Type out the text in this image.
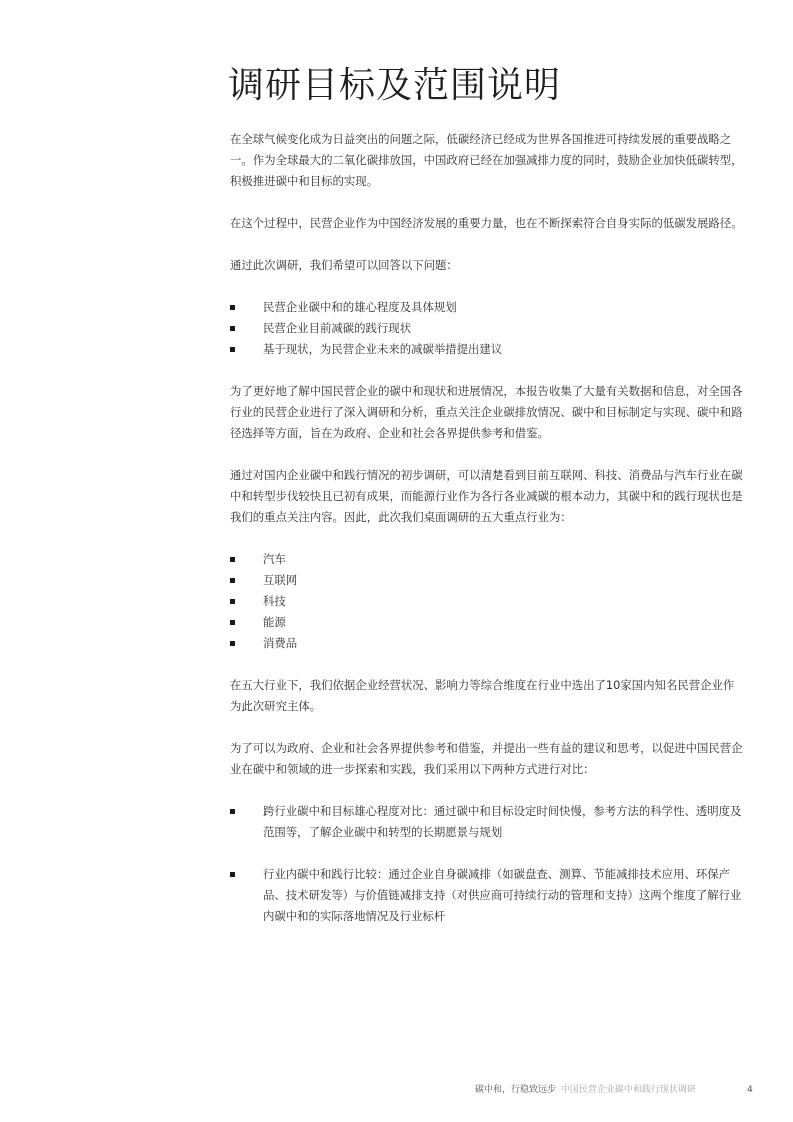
调研目标及范围说明

在全球气候变化成为日益突出的问题之际，低碳经济已经成为世界各国推进可持续发展的重要战略之一。作为全球最大的二氧化碳排放国，中国政府已经在加强减排力度的同时，鼓励企业加快低碳转型，积极推进碳中和目标的实现。

在这个过程中，民营企业作为中国经济发展的重要力量，也在不断探索符合自身实际的低碳发展路径。

通过此次调研，我们希望可以回答以下问题：

民营企业碳中和的雄心程度及具体规划
民营企业目前减碳的践行现状
基于现状，为民营企业未来的减碳举措提出建议

为了更好地了解中国民营企业的碳中和现状和进展情况，本报告收集了大量有关数据和信息，对全国各行业的民营企业进行了深入调研和分析，重点关注企业碳排放情况、碳中和目标制定与实现、碳中和路径选择等方面，旨在为政府、企业和社会各界提供参考和借鉴。

通过对国内企业碳中和践行情况的初步调研，可以清楚看到目前互联网、科技、消费品与汽车行业在碳中和转型步伐较快且已初有成果，而能源行业作为各行各业减碳的根本动力，其碳中和的践行现状也是我们的重点关注内容。因此，此次我们桌面调研的五大重点行业为：

汽车
互联网
科技
能源
消费品

在五大行业下，我们依据企业经营状况、影响力等综合维度在行业中选出了10家国内知名民营企业作为此次研究主体。

为了可以为政府、企业和社会各界提供参考和借鉴，并提出一些有益的建议和思考，以促进中国民营企业在碳中和领域的进一步探索和实践，我们采用以下两种方式进行对比：

跨行业碳中和目标雄心程度对比：通过碳中和目标设定时间快慢，参考方法的科学性、透明度及范围等，了解企业碳中和转型的长期愿景与规划
行业内碳中和践行比较：通过企业自身碳减排（如碳盘查、测算、节能减排技术应用、环保产品、技术研发等）与价值链减排支持（对供应商可持续行动的管理和支持）这两个维度了解行业内碳中和的实际落地情况及行业标杆
碳中和，行稳致远步 中国民营企业碳中和践行现状调研	4
